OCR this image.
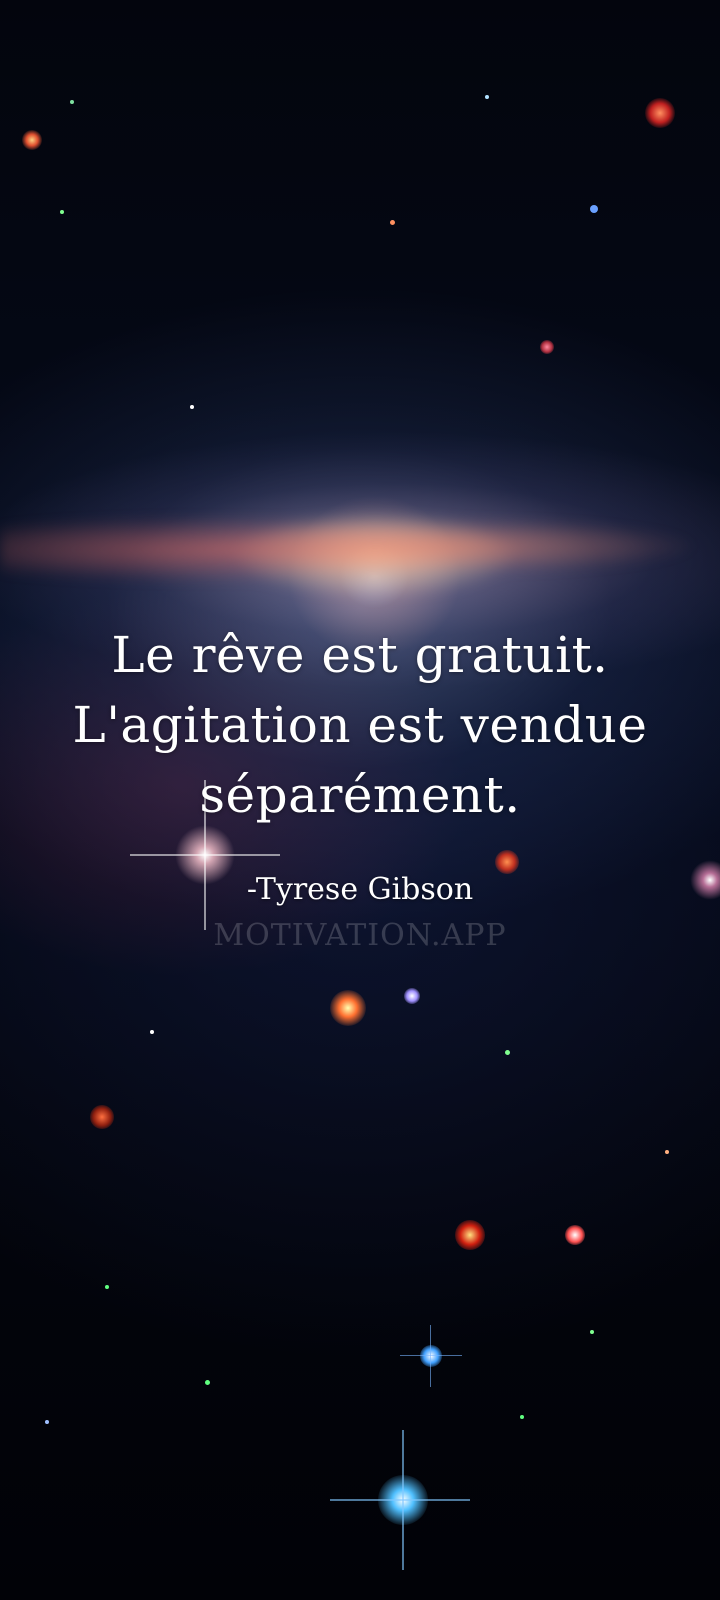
Le rêve est gratuit. L'agitation est vendue séparément.

-Tyrese Gibson
MOTIVATION.APP
